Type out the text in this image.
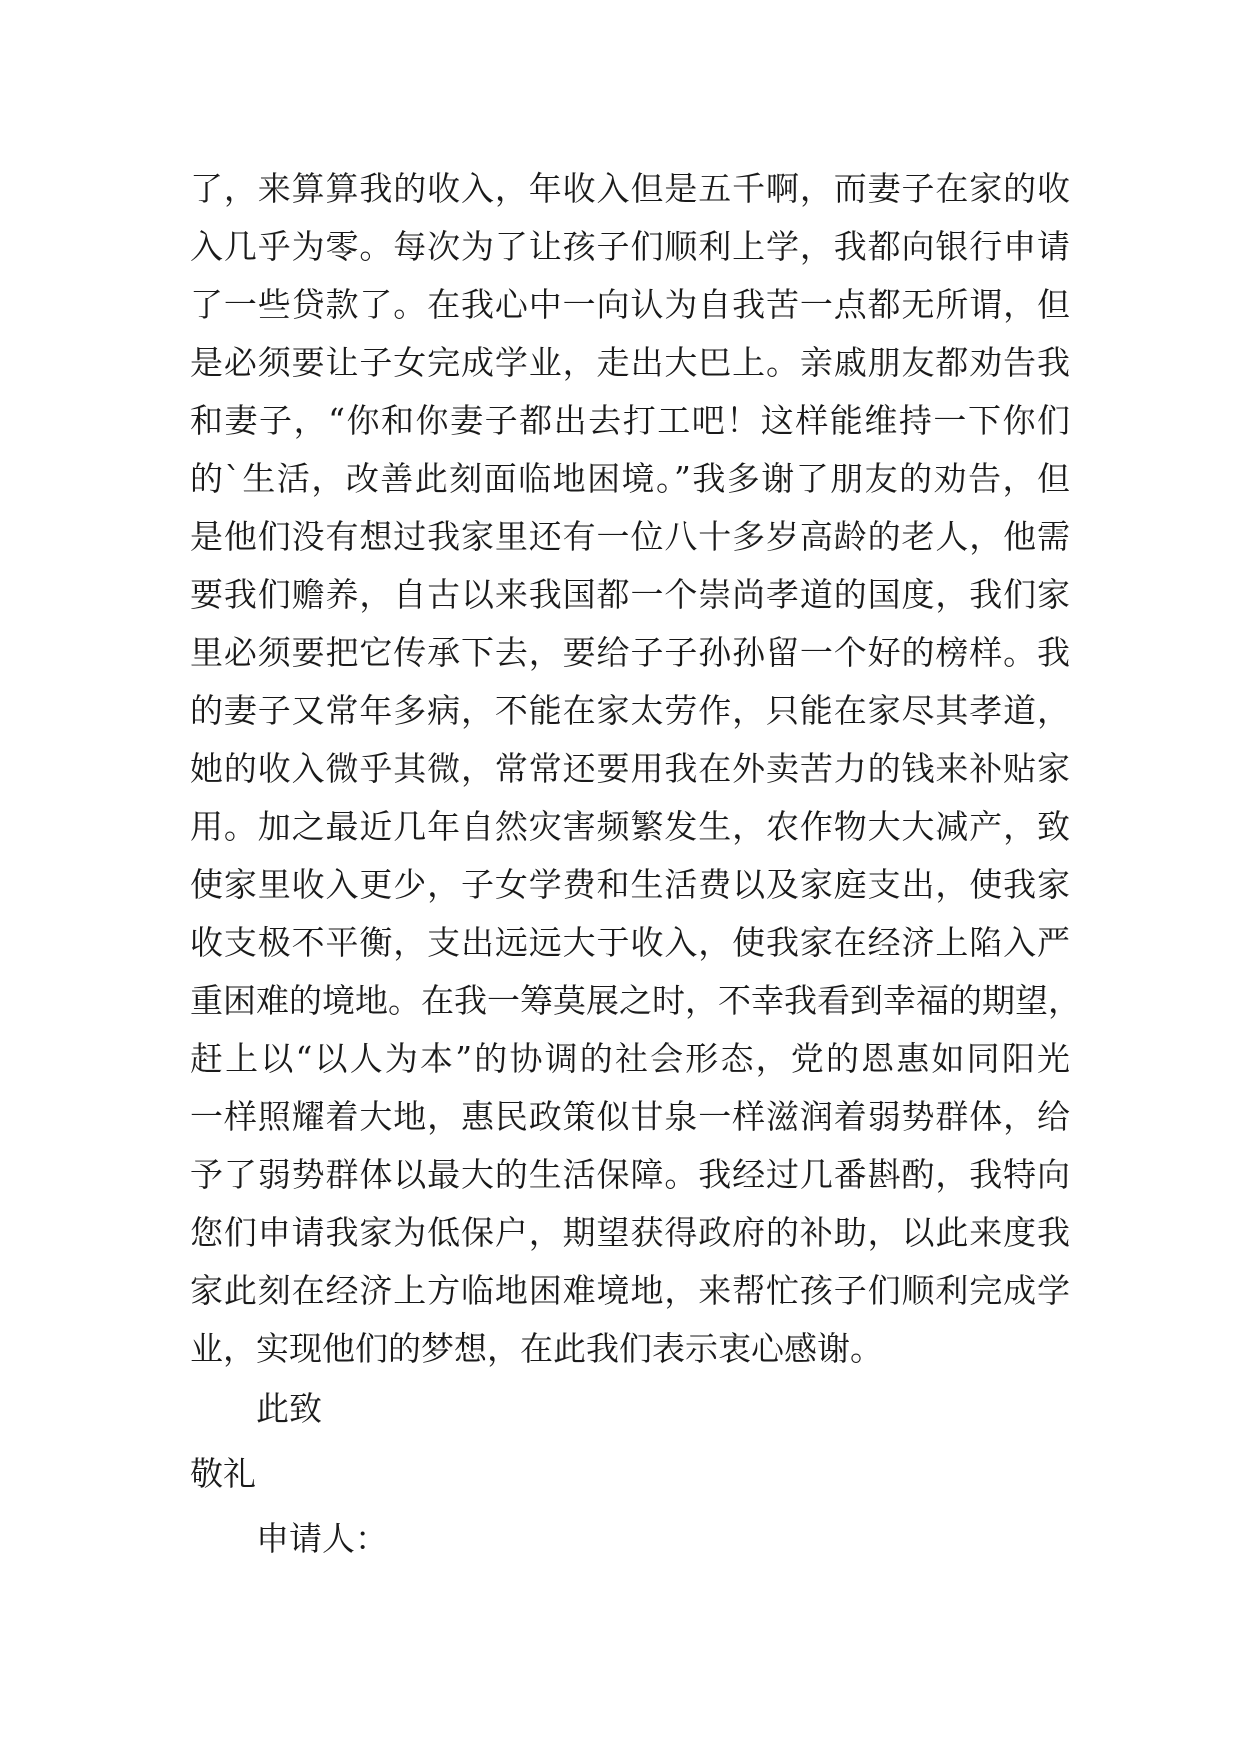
了，来算算我的收入，年收入但是五千啊，而妻子在家的收
入几乎为零。每次为了让孩子们顺利上学，我都向银行申请
了一些贷款了。在我心中一向认为自我苦一点都无所谓，但
是必须要让子女完成学业，走出大巴上。亲戚朋友都劝告我
和妻子，“你和你妻子都出去打工吧！这样能维持一下你们
的`生活，改善此刻面临地困境。”我多谢了朋友的劝告，但
是他们没有想过我家里还有一位八十多岁高龄的老人，他需
要我们赡养，自古以来我国都一个崇尚孝道的国度，我们家
里必须要把它传承下去，要给子子孙孙留一个好的榜样。我
的妻子又常年多病，不能在家太劳作，只能在家尽其孝道，
她的收入微乎其微，常常还要用我在外卖苦力的钱来补贴家
用。加之最近几年自然灾害频繁发生，农作物大大减产，致
使家里收入更少，子女学费和生活费以及家庭支出，使我家
收支极不平衡，支出远远大于收入，使我家在经济上陷入严
重困难的境地。在我一筹莫展之时，不幸我看到幸福的期望，
赶上以“以人为本”的协调的社会形态，党的恩惠如同阳光
一样照耀着大地，惠民政策似甘泉一样滋润着弱势群体，给
予了弱势群体以最大的生活保障。我经过几番斟酌，我特向
您们申请我家为低保户，期望获得政府的补助，以此来度我
家此刻在经济上方临地困难境地，来帮忙孩子们顺利完成学
业，实现他们的梦想，在此我们表示衷心感谢。
此致
敬礼
申请人：
